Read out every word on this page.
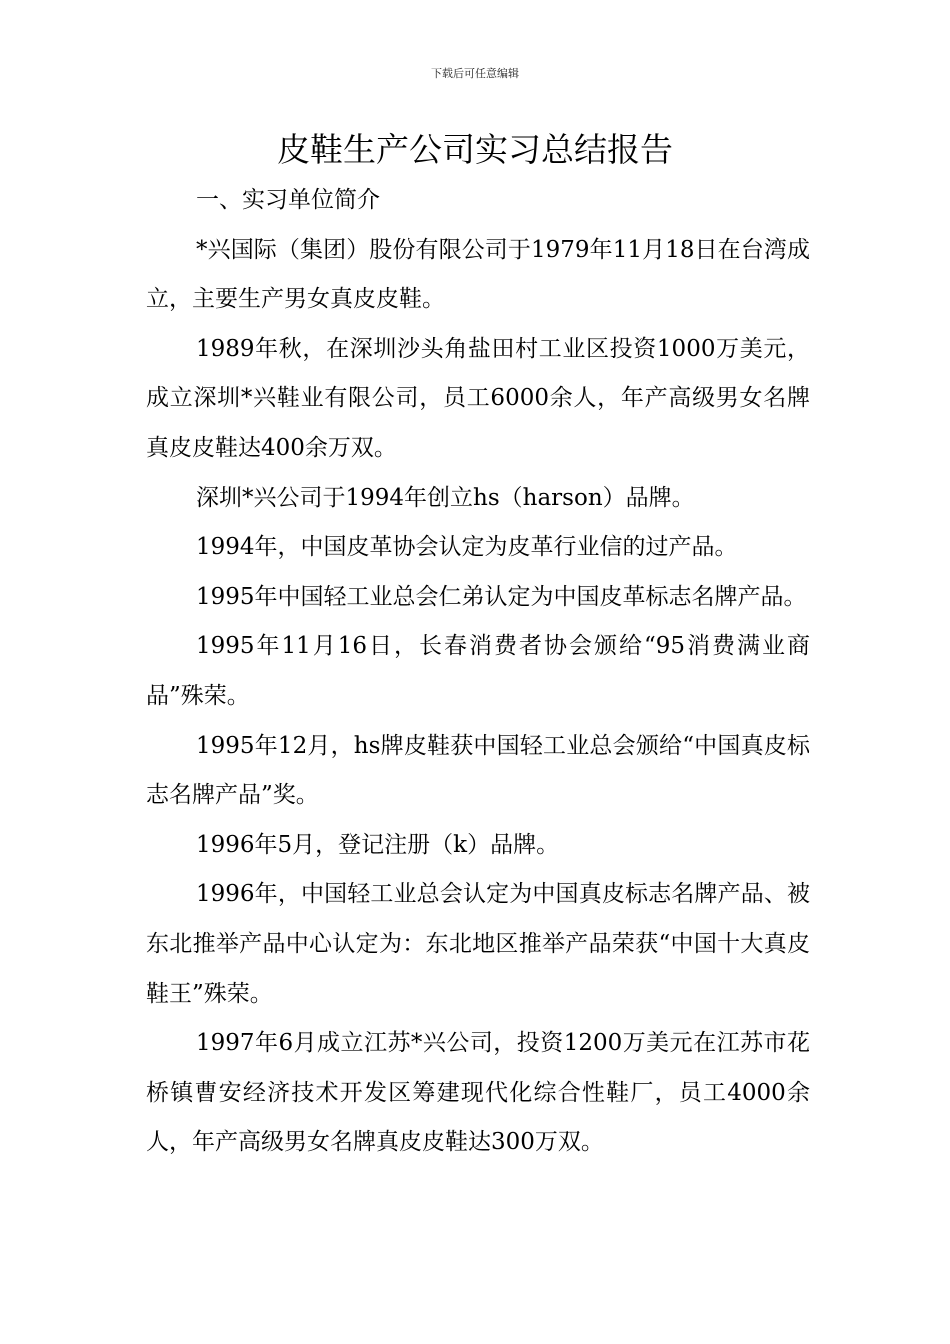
下载后可任意编辑
皮鞋生产公司实习总结报告

一、实习单位简介

*兴国际（集团）股份有限公司于1979年11月18日在台湾成立，主要生产男女真皮皮鞋。

1989年秋，在深圳沙头角盐田村工业区投资1000万美元，成立深圳*兴鞋业有限公司，员工6000余人，年产高级男女名牌真皮皮鞋达400余万双。

深圳*兴公司于1994年创立hs（harson）品牌。

1994年，中国皮革协会认定为皮革行业信的过产品。

1995年中国轻工业总会仁弟认定为中国皮革标志名牌产品。

1995年11月16日，长春消费者协会颁给“95消费满业商品”殊荣。

1995年12月，hs牌皮鞋获中国轻工业总会颁给“中国真皮标志名牌产品”奖。

1996年5月，登记注册（k）品牌。

1996年，中国轻工业总会认定为中国真皮标志名牌产品、被东北推举产品中心认定为：东北地区推举产品荣获“中国十大真皮鞋王”殊荣。

1997年6月成立江苏*兴公司，投资1200万美元在江苏市花桥镇曹安经济技术开发区筹建现代化综合性鞋厂，员工4000余人，年产高级男女名牌真皮皮鞋达300万双。
